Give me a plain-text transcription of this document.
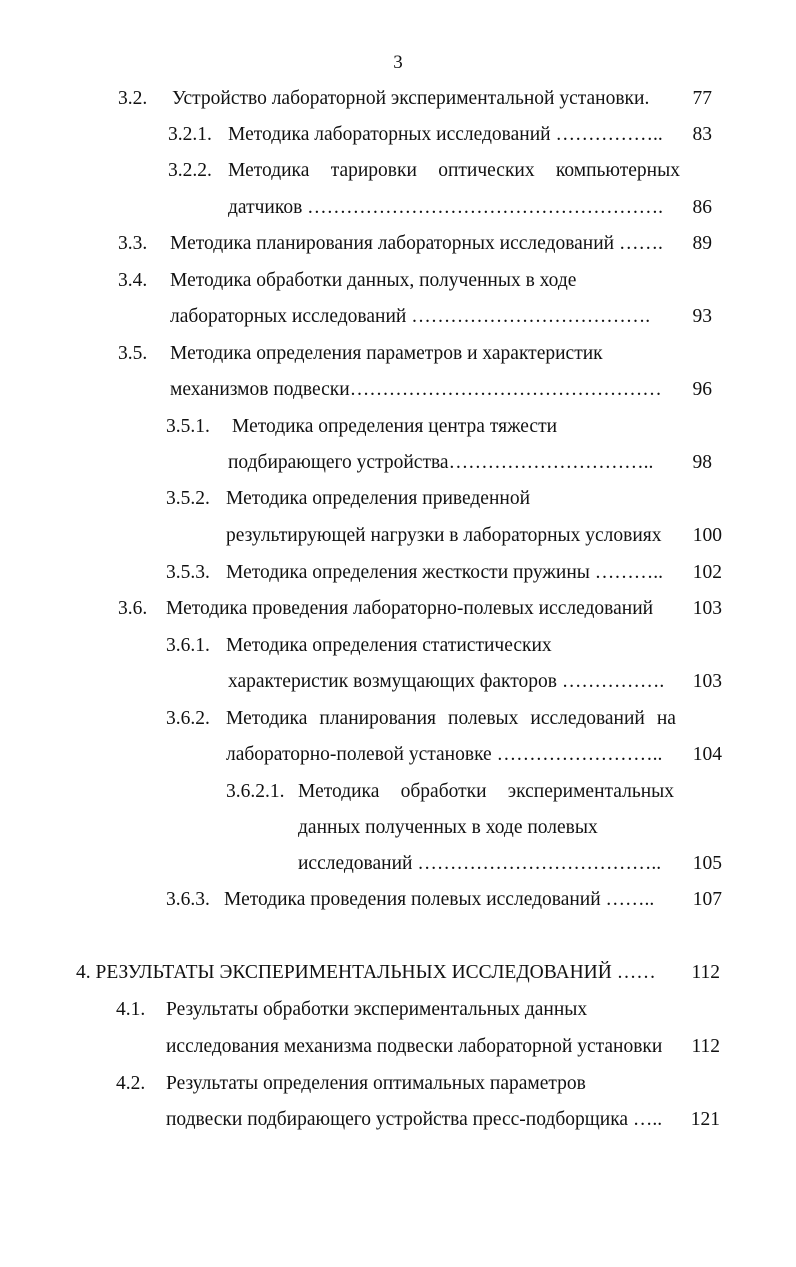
3
3.2. Устройство лабораторной экспериментальной установки.	77
3.2.1. Методика лабораторных исследований ……………..	83
3.2.2. Методика тарировки оптических компьютерных
датчиков ……………………………………………….	86
3.3. Методика планирования лабораторных исследований …….	89
3.4. Методика обработки данных, полученных в ходе
лабораторных исследований ……………………………….	93
3.5. Методика определения параметров и характеристик
механизмов подвески…………………………………………	96
3.5.1. Методика определения центра тяжести
подбирающего устройства…………………………..	98
3.5.2. Методика определения приведенной
результирующей нагрузки в лабораторных условиях	100
3.5.3. Методика определения жесткости пружины ………..	102
3.6. Методика проведения лабораторно-полевых исследований	103
3.6.1. Методика определения статистических
характеристик возмущающих факторов …………….	103
3.6.2. Методика планирования полевых исследований на
лабораторно-полевой установке ……………………..	104
3.6.2.1. Методика обработки экспериментальных
данных полученных в ходе полевых
исследований ………………………………..	105
3.6.3. Методика проведения полевых исследований ……..	107
4. РЕЗУЛЬТАТЫ ЭКСПЕРИМЕНТАЛЬНЫХ ИССЛЕДОВАНИЙ ……	112
4.1. Результаты обработки экспериментальных данных
исследования механизма подвески лабораторной установки	112
4.2. Результаты определения оптимальных параметров
подвески подбирающего устройства пресс-подборщика …..	121
